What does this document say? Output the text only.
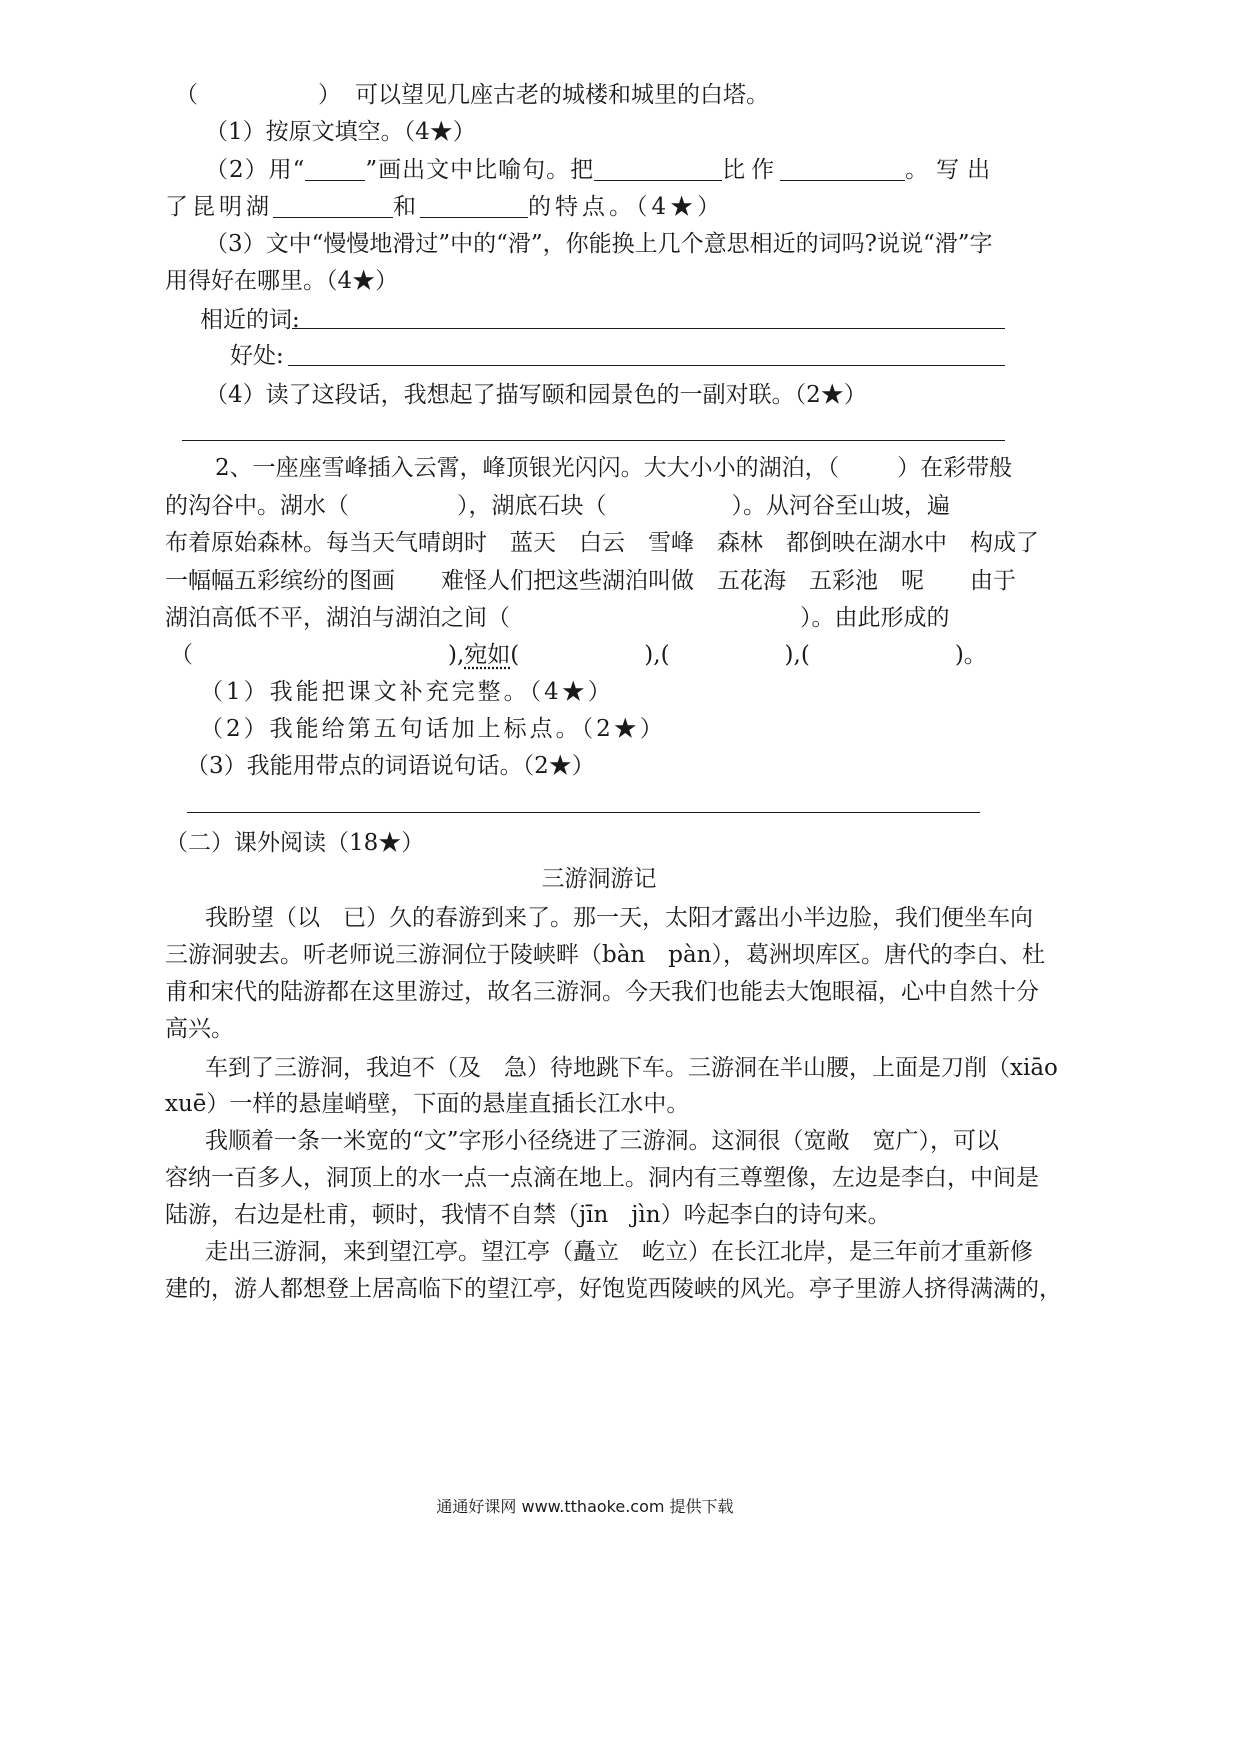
（	） 可以望见几座古老的城楼和城里的白塔。
（1）按原文填空。（4★）
（2）用“	”画出文中比喻句。把	比作	。写出
了昆明湖	和	的特点。（4★）
（3）文中“慢慢地滑过”中的“滑”，你能换上几个意思相近的词吗?说说“滑”字
用得好在哪里。（4★）
相近的词:
好处:
（4）读了这段话，我想起了描写颐和园景色的一副对联。（2★）
2、一座座雪峰插入云霄，峰顶银光闪闪。大大小小的湖泊，（	）在彩带般
的沟谷中。湖水（	），湖底石块（	）。从河谷至山坡，遍
布着原始森林。每当天气晴朗时　蓝天　白云　雪峰　森林　都倒映在湖水中　构成了
一幅幅五彩缤纷的图画　　难怪人们把这些湖泊叫做　五花海　五彩池　呢　　由于
湖泊高低不平，湖泊与湖泊之间（	）。由此形成的
（	),宛如(	),(	),(	)。
（1）我能把课文补充完整。（4★）
（2）我能给第五句话加上标点。（2★）
（3）我能用带点的词语说句话。（2★）
（二）课外阅读（18★）
三游洞游记
我盼望（以　已）久的春游到来了。那一天，太阳才露出小半边脸，我们便坐车向
三游洞驶去。听老师说三游洞位于陵峡畔（bàn　pàn），葛洲坝库区。唐代的李白、杜
甫和宋代的陆游都在这里游过，故名三游洞。今天我们也能去大饱眼福，心中自然十分
高兴。
车到了三游洞，我迫不（及　急）待地跳下车。三游洞在半山腰，上面是刀削（xiāo
xuē）一样的悬崖峭壁，下面的悬崖直插长江水中。
我顺着一条一米宽的“文”字形小径绕进了三游洞。这洞很（宽敞　宽广），可以
容纳一百多人，洞顶上的水一点一点滴在地上。洞内有三尊塑像，左边是李白，中间是
陆游，右边是杜甫，顿时，我情不自禁（jīn　jìn）吟起李白的诗句来。
走出三游洞，来到望江亭。望江亭（矗立　屹立）在长江北岸，是三年前才重新修
建的，游人都想登上居高临下的望江亭，好饱览西陵峡的风光。亭子里游人挤得满满的，
通通好课网 www.tthaoke.com 提供下载
